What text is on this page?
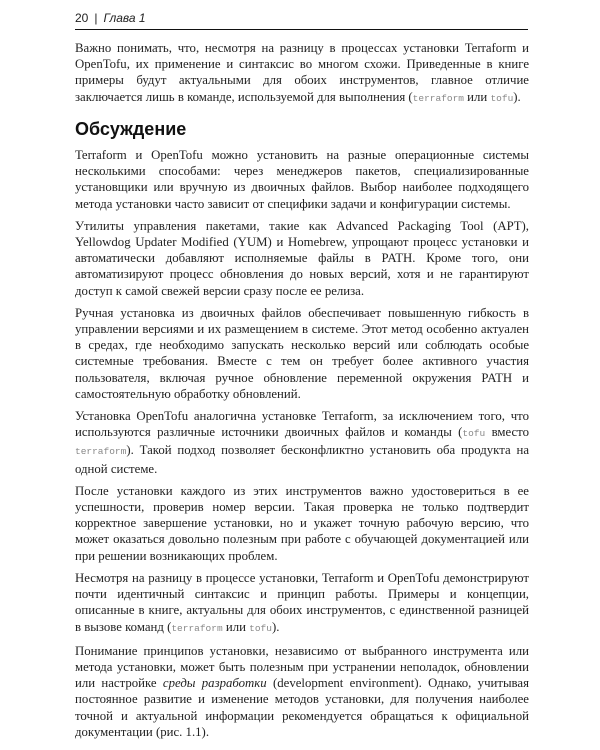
20 | Глава 1

Важно понимать, что, несмотря на разницу в процессах установки Terraform и OpenTofu, их применение и синтаксис во многом схожи. Приведенные в книге примеры будут актуальными для обоих инструментов, главное отличие заключается лишь в команде, используемой для выполнения (terraform или tofu).

Обсуждение

Terraform и OpenTofu можно установить на разные операционные системы несколькими способами: через менеджеров пакетов, специализированные установщики или вручную из двоичных файлов. Выбор наиболее подходящего метода установки часто зависит от специфики задачи и конфигурации системы.

Утилиты управления пакетами, такие как Advanced Packaging Tool (APT), Yellowdog Updater Modified (YUM) и Homebrew, упрощают процесс установки и автоматически добавляют исполняемые файлы в PATH. Кроме того, они автоматизируют процесс обновления до новых версий, хотя и не гарантируют доступ к самой свежей версии сразу после ее релиза.

Ручная установка из двоичных файлов обеспечивает повышенную гибкость в управлении версиями и их размещением в системе. Этот метод особенно актуален в средах, где необходимо запускать несколько версий или соблюдать особые системные требования. Вместе с тем он требует более активного участия пользователя, включая ручное обновление переменной окружения PATH и самостоятельную обработку обновлений.

Установка OpenTofu аналогична установке Terraform, за исключением того, что используются различные источники двоичных файлов и команды (tofu вместо terraform). Такой подход позволяет бесконфликтно установить оба продукта на одной системе.

После установки каждого из этих инструментов важно удостовериться в ее успешности, проверив номер версии. Такая проверка не только подтвердит корректное завершение установки, но и укажет точную рабочую версию, что может оказаться довольно полезным при работе с обучающей документацией или при решении возникающих проблем.

Несмотря на разницу в процессе установки, Terraform и OpenTofu демонстрируют почти идентичный синтаксис и принцип работы. Примеры и концепции, описанные в книге, актуальны для обоих инструментов, с единственной разницей в вызове команд (terraform или tofu).

Понимание принципов установки, независимо от выбранного инструмента или метода установки, может быть полезным при устранении неполадок, обновлении или настройке среды разработки (development environment). Однако, учитывая постоянное развитие и изменение методов установки, для получения наиболее точной и актуальной информации рекомендуется обращаться к официальной документации (рис. 1.1).
